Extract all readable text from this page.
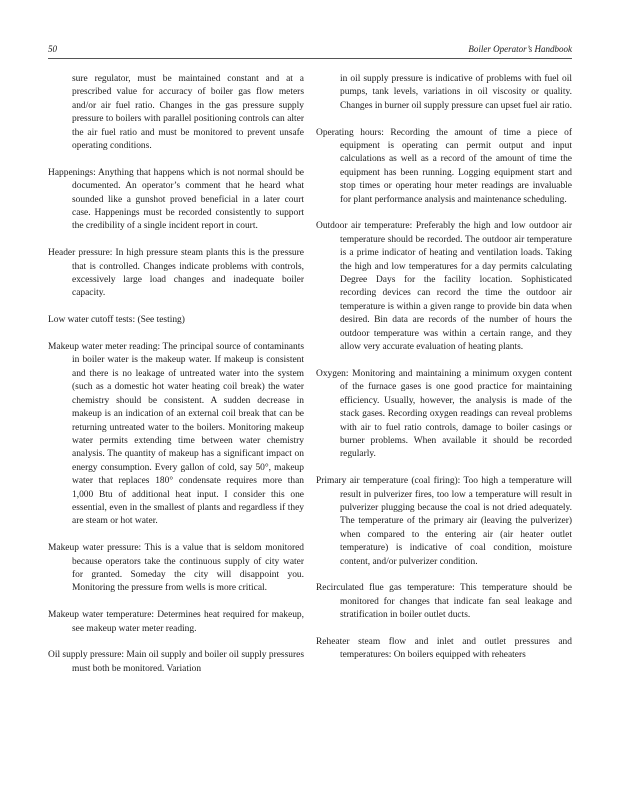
50	Boiler Operator’s Handbook

sure regulator, must be maintained constant and at a prescribed value for accuracy of boiler gas flow meters and/or air fuel ratio. Changes in the gas pressure supply pressure to boilers with parallel positioning controls can alter the air fuel ratio and must be monitored to prevent unsafe operating conditions.

Happenings: Anything that happens which is not normal should be documented. An operator’s comment that he heard what sounded like a gunshot proved beneficial in a later court case. Happenings must be recorded consistently to support the credibility of a single incident report in court.

Header pressure: In high pressure steam plants this is the pressure that is controlled. Changes indicate problems with controls, excessively large load changes and inadequate boiler capacity.

Low water cutoff tests: (See testing)

Makeup water meter reading: The principal source of contaminants in boiler water is the makeup water. If makeup is consistent and there is no leakage of untreated water into the system (such as a domestic hot water heating coil break) the water chemistry should be consistent. A sudden decrease in makeup is an indication of an external coil break that can be returning untreated water to the boilers. Monitoring makeup water permits extending time between water chemistry analysis. The quantity of makeup has a significant impact on energy consumption. Every gallon of cold, say 50°, makeup water that replaces 180° condensate requires more than 1,000 Btu of additional heat input. I consider this one essential, even in the smallest of plants and regardless if they are steam or hot water.

Makeup water pressure: This is a value that is seldom monitored because operators take the continuous supply of city water for granted. Someday the city will disappoint you. Monitoring the pressure from wells is more critical.

Makeup water temperature: Determines heat required for makeup, see makeup water meter reading.

Oil supply pressure: Main oil supply and boiler oil supply pressures must both be monitored. Variation

in oil supply pressure is indicative of problems with fuel oil pumps, tank levels, variations in oil viscosity or quality. Changes in burner oil supply pressure can upset fuel air ratio.

Operating hours: Recording the amount of time a piece of equipment is operating can permit output and input calculations as well as a record of the amount of time the equipment has been running. Logging equipment start and stop times or operating hour meter readings are invaluable for plant performance analysis and maintenance scheduling.

Outdoor air temperature: Preferably the high and low outdoor air temperature should be recorded. The outdoor air temperature is a prime indicator of heating and ventilation loads. Taking the high and low temperatures for a day permits calculating Degree Days for the facility location. Sophisticated recording devices can record the time the outdoor air temperature is within a given range to provide bin data when desired. Bin data are records of the number of hours the outdoor temperature was within a certain range, and they allow very accurate evaluation of heating plants.

Oxygen: Monitoring and maintaining a minimum oxygen content of the furnace gases is one good practice for maintaining efficiency. Usually, however, the analysis is made of the stack gases. Recording oxygen readings can reveal problems with air to fuel ratio controls, damage to boiler casings or burner problems. When available it should be recorded regularly.

Primary air temperature (coal firing): Too high a temperature will result in pulverizer fires, too low a temperature will result in pulverizer plugging because the coal is not dried adequately. The temperature of the primary air (leaving the pulverizer) when compared to the entering air (air heater outlet temperature) is indicative of coal condition, moisture content, and/or pulverizer condition.

Recirculated flue gas temperature: This temperature should be monitored for changes that indicate fan seal leakage and stratification in boiler outlet ducts.

Reheater steam flow and inlet and outlet pressures and temperatures: On boilers equipped with reheaters
